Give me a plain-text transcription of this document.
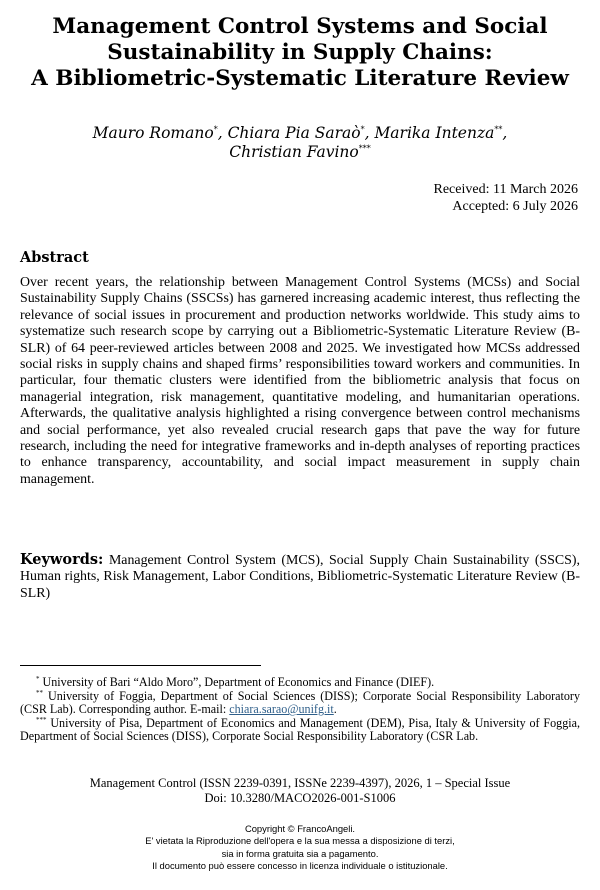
Management Control Systems and Social
Sustainability in Supply Chains:
A Bibliometric-Systematic Literature Review
Mauro Romano*, Chiara Pia Saraò*, Marika Intenza**,
Christian Favino***
Received: 11 March 2026
Accepted: 6 July 2026
Abstract
Over recent years, the relationship between Management Control Systems (MCSs) and Social Sustainability Supply Chains (SSCSs) has garnered increasing academic interest, thus reflecting the relevance of social issues in procurement and production networks worldwide. This study aims to systematize such research scope by carrying out a Bibliometric-Systematic Literature Review (B-SLR) of 64 peer-reviewed articles between 2008 and 2025. We investigated how MCSs addressed social risks in supply chains and shaped firms’ responsibilities toward workers and communities. In particular, four thematic clusters were identified from the bibliometric analysis that focus on managerial integration, risk management, quantitative modeling, and humanitarian operations. Afterwards, the qualitative analysis highlighted a rising convergence between control mechanisms and social performance, yet also revealed crucial research gaps that pave the way for future research, including the need for integrative frameworks and in-depth analyses of reporting practices to enhance transparency, accountability, and social impact measurement in supply chain management.
Keywords: Management Control System (MCS), Social Supply Chain Sustainability (SSCS), Human rights, Risk Management, Labor Conditions, Bibliometric-Systematic Literature Review (B-SLR)

* University of Bari “Aldo Moro”, Department of Economics and Finance (DIEF).

** University of Foggia, Department of Social Sciences (DISS); Corporate Social Responsibility Laboratory (CSR Lab). Corresponding author. E-mail: chiara.sarao@unifg.it.

*** University of Pisa, Department of Economics and Management (DEM), Pisa, Italy & University of Foggia, Department of Social Sciences (DISS), Corporate Social Responsibility Laboratory (CSR Lab.

Management Control (ISSN 2239-0391, ISSNe 2239-4397), 2026, 1 – Special Issue
Doi: 10.3280/MACO2026-001-S1006
Copyright © FrancoAngeli.
E' vietata la Riproduzione dell'opera e la sua messa a disposizione di terzi,
sia in forma gratuita sia a pagamento.
Il documento può essere concesso in licenza individuale o istituzionale.
